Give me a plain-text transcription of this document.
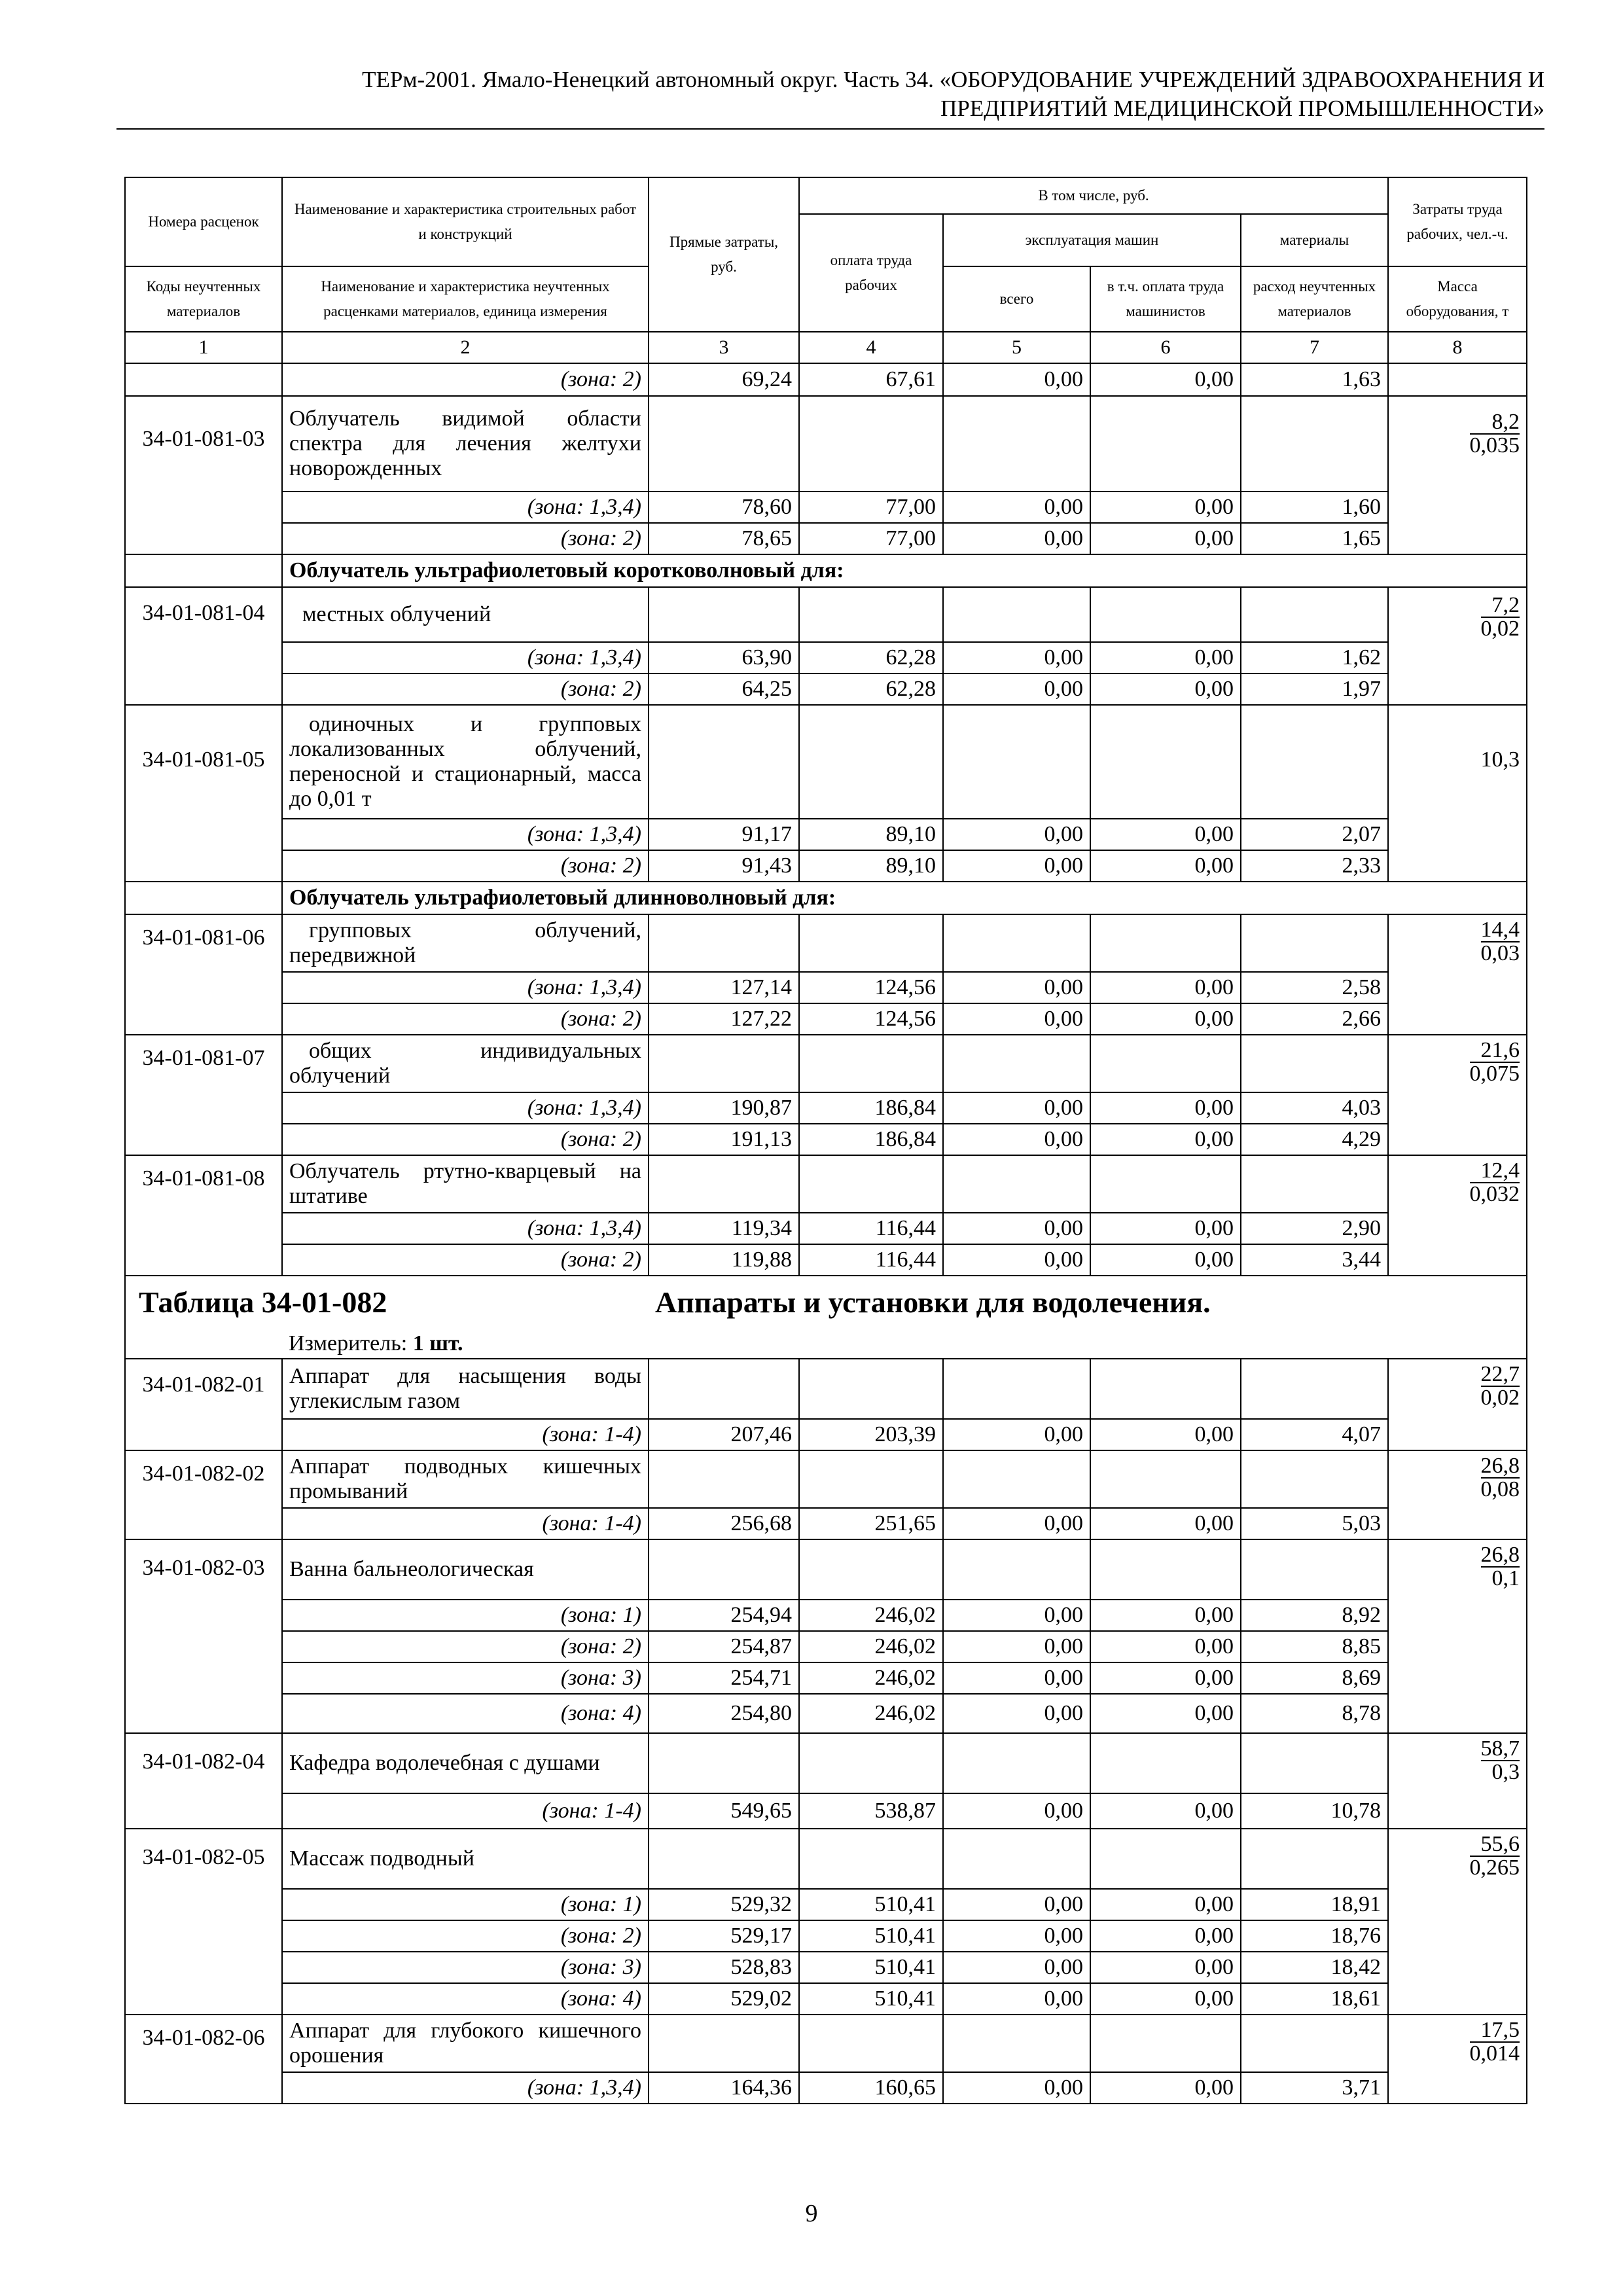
ТЕРм-2001. Ямало-Ненецкий автономный округ. Часть 34. «ОБОРУДОВАНИЕ УЧРЕЖДЕНИЙ ЗДРАВООХРАНЕНИЯ И
ПРЕДПРИЯТИЙ МЕДИЦИНСКОЙ ПРОМЫШЛЕННОСТИ»
Номера расценок	Наименование и характеристика строительных работ и конструкций	Прямые затраты, руб.	В том числе, руб.				Затраты труда рабочих, чел.-ч.
			оплата труда рабочих	эксплуатация машин		материалы	

Коды неучтенных материалов	Наименование и характеристика неучтенных расценками материалов, единица измерения			всего	в т.ч. оплата труда машинистов	расход неучтенных материалов	Масса оборудования, т

1	2	3	4	5	6	7	8
	(зона: 2)	69,24	67,61	0,00	0,00	1,63	
34-01-081-03	Облучатель видимой области спектра для лечения желтухи новорожденных						$\frac{8,2}{0,035}$

	(зона: 1,3,4)	78,60	77,00	0,00	0,00	1,60	
	(зона: 2)	78,65	77,00	0,00	0,00	1,65	
	Облучатель ультрафиолетовый коротковолновый для:						
34-01-081-04	местных облучений						$\frac{7,2}{0,02}$

	(зона: 1,3,4)	63,90	62,28	0,00	0,00	1,62	
	(зона: 2)	64,25	62,28	0,00	0,00	1,97	
34-01-081-05	одиночных и групповых локализованных облучений, переносной и стационарный, масса до 0,01 т						10,3
	(зона: 1,3,4)	91,17	89,10	0,00	0,00	2,07	
	(зона: 2)	91,43	89,10	0,00	0,00	2,33	
	Облучатель ультрафиолетовый длинноволновый для:						
34-01-081-06	групповых облучений, передвижной						$\frac{14,4}{0,03}$

	(зона: 1,3,4)	127,14	124,56	0,00	0,00	2,58	
	(зона: 2)	127,22	124,56	0,00	0,00	2,66	
34-01-081-07	общих индивидуальных облучений						$\frac{21,6}{0,075}$

	(зона: 1,3,4)	190,87	186,84	0,00	0,00	4,03	
	(зона: 2)	191,13	186,84	0,00	0,00	4,29	
34-01-081-08	Облучатель ртутно-кварцевый на штативе						$\frac{12,4}{0,032}$

	(зона: 1,3,4)	119,34	116,44	0,00	0,00	2,90	
	(зона: 2)	119,88	116,44	0,00	0,00	3,44	
Таблица 34-01-082		Аппараты и установки для водолечения.					
	Измеритель: 1 шт.						
34-01-082-01	Аппарат для насыщения воды углекислым газом						$\frac{22,7}{0,02}$

	(зона: 1-4)	207,46	203,39	0,00	0,00	4,07	
34-01-082-02	Аппарат подводных кишечных промываний						$\frac{26,8}{0,08}$

	(зона: 1-4)	256,68	251,65	0,00	0,00	5,03	
34-01-082-03	Ванна бальнеологическая						$\frac{26,8}{0,1}$

	(зона: 1)	254,94	246,02	0,00	0,00	8,92	
	(зона: 2)	254,87	246,02	0,00	0,00	8,85	
	(зона: 3)	254,71	246,02	0,00	0,00	8,69	
	(зона: 4)	254,80	246,02	0,00	0,00	8,78	
34-01-082-04	Кафедра водолечебная с душами						$\frac{58,7}{0,3}$

	(зона: 1-4)	549,65	538,87	0,00	0,00	10,78	
34-01-082-05	Массаж подводный						$\frac{55,6}{0,265}$

	(зона: 1)	529,32	510,41	0,00	0,00	18,91	
	(зона: 2)	529,17	510,41	0,00	0,00	18,76	
	(зона: 3)	528,83	510,41	0,00	0,00	18,42	
	(зона: 4)	529,02	510,41	0,00	0,00	18,61	
34-01-082-06	Аппарат для глубокого кишечного орошения						$\frac{17,5}{0,014}$

	(зона: 1,3,4)	164,36	160,65	0,00	0,00	3,71	
9
